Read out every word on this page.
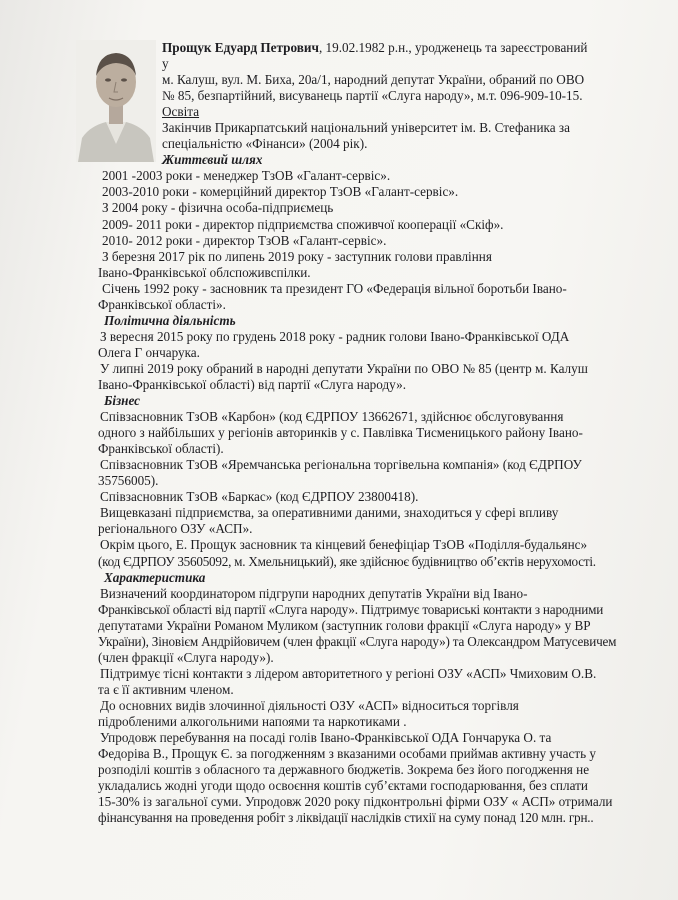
Прощук Едуард Петрович, 19.02.1982 р.н., уродженець та зареєстрований

у

м. Калуш, вул. М. Биха, 20а/1, народний депутат України, обраний по ОВО

№ 85, безпартійний, висуванець партії «Слуга народу», м.т. 096-909-10-15.

Освіта

Закінчив Прикарпатський національний університет ім. В. Стефаника за

спеціальністю «Фінанси» (2004 рік).

Життєвий шлях

2001 -2003 роки - менеджер ТзОВ «Галант-сервіс».

2003-2010 роки - комерційний директор ТзОВ «Галант-сервіс».

З 2004 року - фізична особа-підприємець

2009- 2011 роки - директор підприємства споживчої кооперації «Скіф».

2010- 2012 роки - директор ТзОВ «Галант-сервіс».

З березня 2017 рік по липень 2019 року - заступник голови правління

Івано-Франківської облспоживспілки.

Січень 1992 року - засновник та президент ГО «Федерація вільної боротьби Івано-

Франківської області».

Політична діяльність

З вересня 2015 року по грудень 2018 року - радник голови Івано-Франківської ОДА

Олега Г ончарука.

У липні 2019 року обраний в народні депутати України по ОВО № 85 (центр м. Калуш

Івано-Франківської області) від партії «Слуга народу».

Бізнес

Співзасновник ТзОВ «Карбон» (код ЄДРПОУ 13662671, здійснює обслуговування

одного з найбільших у регіонів авторинків у с. Павлівка Тисменицького району Івано-

Франківської області).

Співзасновник ТзОВ «Яремчанська регіональна торгівельна компанія» (код ЄДРПОУ

35756005).

Співзасновник ТзОВ «Баркас» (код ЄДРПОУ 23800418).

Вищевказані підприємства, за оперативними даними, знаходиться у сфері впливу

регіонального ОЗУ «АСП».

Окрім цього, Е. Прощук засновник та кінцевий бенефіціар ТзОВ «Поділля-будальянс»

(код ЄДРПОУ 35605092, м. Хмельницький), яке здійснює будівництво об’єктів нерухомості.

Характеристика

Визначений координатором підгрупи народних депутатів України від Івано-

Франківської області від партії «Слуга народу». Підтримує товариські контакти з народними

депутатами України Романом Муликом (заступник голови фракції «Слуга народу» у ВР

України), Зіновієм Андрійовичем (член фракції «Слуга народу») та Олександром Матусевичем

(член фракції «Слуга народу»).

Підтримує тісні контакти з лідером авторитетного у регіоні ОЗУ «АСП» Чмиховим О.В.

та є її активним членом.

До основних видів злочинної діяльності ОЗУ «АСП» відноситься торгівля

підробленими алкогольними напоями та наркотиками .

Упродовж перебування на посаді голів Івано-Франківської ОДА Гончарука О. та

Федоріва В., Прощук Є. за погодженням з вказаними особами приймав активну участь у

розподілі коштів з обласного та державного бюджетів. Зокрема без його погодження не

укладались жодні угоди щодо освоєння коштів суб’єктами господарювання, без сплати

15-30% із загальної суми. Упродовж 2020 року підконтрольні фірми ОЗУ « АСП» отримали

фінансування на проведення робіт з ліквідації наслідків стихії на суму понад 120 млн. грн..
